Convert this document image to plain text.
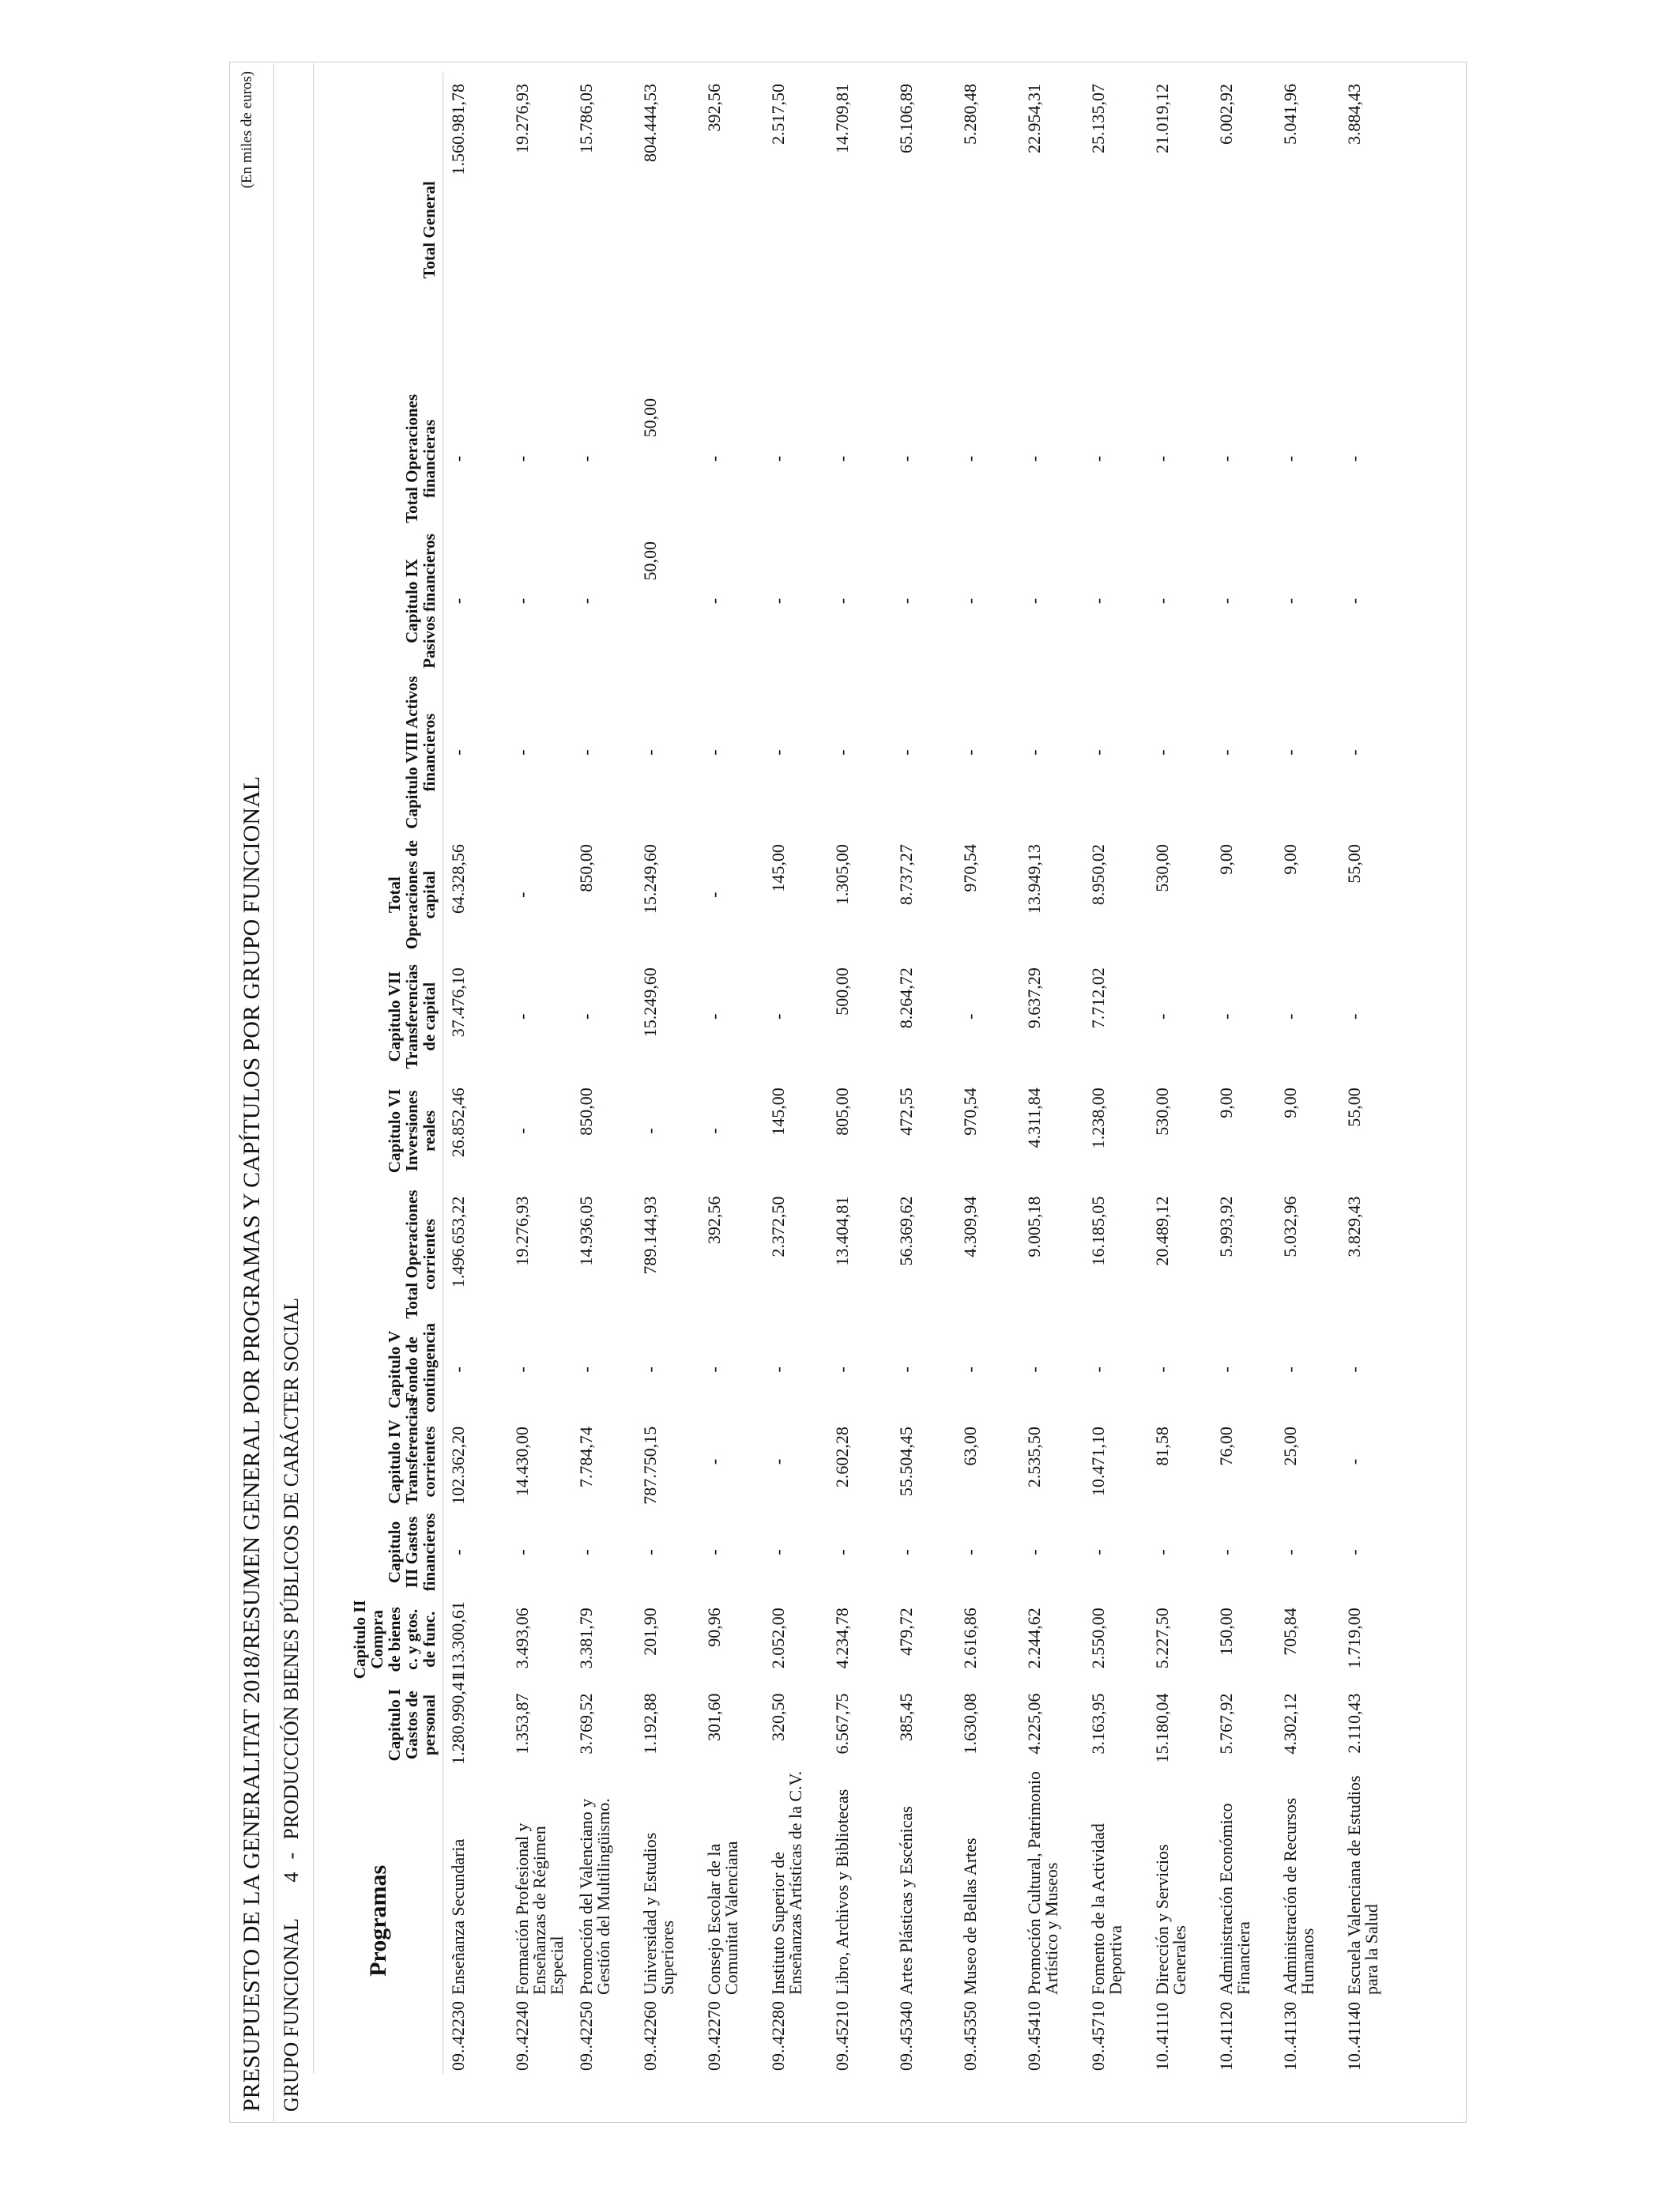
PRESUPUESTO DE LA GENERALITAT 2018/RESUMEN GENERAL POR PROGRAMAS Y CAPÍTULOS POR GRUPO FUNCIONAL
(En miles de euros)
GRUPO FUNCIONAL 4 - PRODUCCIÓN BIENES PÚBLICOS DE CARÁCTER SOCIAL
Programas	Capitulo I Gastos de personal	Capitulo II Compra de bienes c. y gtos. de func.	Capitulo III Gastos financieros	Capitulo IV Transferencias corrientes	Capitulo V Fondo de contingencia	Total Operaciones corrientes	Capitulo VI Inversiones reales	Capitulo VII Transferencias de capital	Total Operaciones de capital	Capitulo VIII Activos financieros	Capitulo IX Pasivos financieros	Total Operaciones financieras	Total General

09..42230
Enseñanza Secundaria	1.280.990,41	113.300,61	-	102.362,20	-	1.496.653,22	26.852,46	37.476,10	64.328,56	-	-	-	1.560.981,78

09..42240
Formación Profesional y Enseñanzas de Régimen Especial	1.353,87	3.493,06	-	14.430,00	-	19.276,93	-	-	-	-	-	-	19.276,93

09..42250
Promoción del Valenciano y Gestión del Multilingüismo.	3.769,52	3.381,79	-	7.784,74	-	14.936,05	850,00	-	850,00	-	-	-	15.786,05

09..42260
Universidad y Estudios Superiores	1.192,88	201,90	-	787.750,15	-	789.144,93	-	15.249,60	15.249,60	-	50,00	50,00	804.444,53

09..42270
Consejo Escolar de la Comunitat Valenciana	301,60	90,96	-	-	-	392,56	-	-	-	-	-	-	392,56

09..42280
Instituto Superior de Enseñanzas Artísticas de la C.V.	320,50	2.052,00	-	-	-	2.372,50	145,00	-	145,00	-	-	-	2.517,50

09..45210
Libro, Archivos y Bibliotecas	6.567,75	4.234,78	-	2.602,28	-	13.404,81	805,00	500,00	1.305,00	-	-	-	14.709,81

09..45340
Artes Plásticas y Escénicas	385,45	479,72	-	55.504,45	-	56.369,62	472,55	8.264,72	8.737,27	-	-	-	65.106,89

09..45350
Museo de Bellas Artes	1.630,08	2.616,86	-	63,00	-	4.309,94	970,54	-	970,54	-	-	-	5.280,48

09..45410
Promoción Cultural, Patrimonio Artístico y Museos	4.225,06	2.244,62	-	2.535,50	-	9.005,18	4.311,84	9.637,29	13.949,13	-	-	-	22.954,31

09..45710
Fomento de la Actividad Deportiva	3.163,95	2.550,00	-	10.471,10	-	16.185,05	1.238,00	7.712,02	8.950,02	-	-	-	25.135,07

10..41110
Dirección y Servicios Generales	15.180,04	5.227,50	-	81,58	-	20.489,12	530,00	-	530,00	-	-	-	21.019,12

10..41120
Administración Económico Financiera	5.767,92	150,00	-	76,00	-	5.993,92	9,00	-	9,00	-	-	-	6.002,92

10..41130
Administración de Recursos Humanos	4.302,12	705,84	-	25,00	-	5.032,96	9,00	-	9,00	-	-	-	5.041,96

10..41140
Escuela Valenciana de Estudios para la Salud	2.110,43	1.719,00	-	-	-	3.829,43	55,00	-	55,00	-	-	-	3.884,43
